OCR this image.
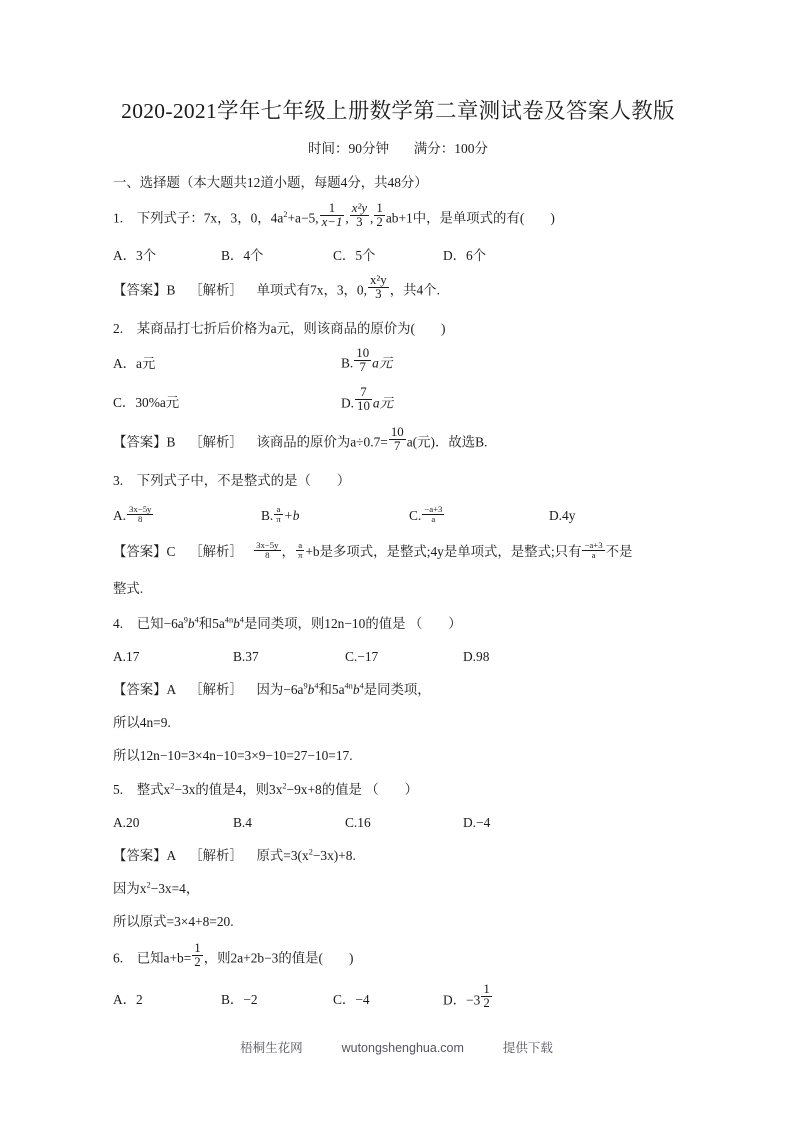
2020-2021学年七年级上册数学第二章测试卷及答案人教版
时间：90分钟 满分：100分
一、选择题（本大题共12道小题，每题4分，共48分）
1. 下列式子：7x，3，0，$4a^2+a-5$, $\frac{1}{x-1}$ , $\frac{\text{x²y}}{3}$ , $\frac{1}{2} ab+1$中，是单项式的有( )
A．3个	B．4个	C．5个	D．6个
【答案】B ［解析］ 单项式有7x，3，0, $\frac{\text{x²y}}{3}$ ，共4个.
2. 某商品打七折后价格为a元，则该商品的原价为( )
A．a元	B. $\frac{10}{7}$ a元
C．30%a元	D. $\frac{7}{10}$ a元
【答案】B ［解析］ 该商品的原价为$a\div 0.7= \frac{10}{7} a$(元)．故选B.
3. 下列式子中，不是整式的是（ ）
A. $\frac{3x-5y}{8}$	B. $\frac{a}{\pi} +b$	C. $\frac{-a+3}{a}$	D.4y
【答案】C ［解析］ $\frac{3x-5y}{8}$ ， $\frac{a}{\pi} +b$是多项式，是整式;4y是单项式，是整式;只有 $\frac{-a+3}{a}$ 不是
整式.
4. 已知$-6a^9b^4$和$5a^{4n}b^4$是同类项，则12n−10的值是 （ ）
A.17	B.37	C.−17	D.98
【答案】A ［解析］ 因为$-6a^9b^4$和$5a^{4n}b^4$是同类项，
所以4n=9.
所以12n−10=3×4n−10=3×9−10=27−10=17.
5. 整式$x^2-3x$的值是4，则$3x^2-9x+8$的值是 （ ）
A.20	B.4	C.16	D.−4
【答案】A ［解析］ 原式$=3(x^2-3x)+8$.
因为$x^2-3x=4$，
所以原式=3×4+8=20.
6. 已知$a+b= \frac{1}{2}$ ，则2a+2b−3的值是( )
A．2	B．−2	C．−4	D．$-3 \frac{1}{2}$
梧桐生花网	wutongshenghua.com	提供下载
